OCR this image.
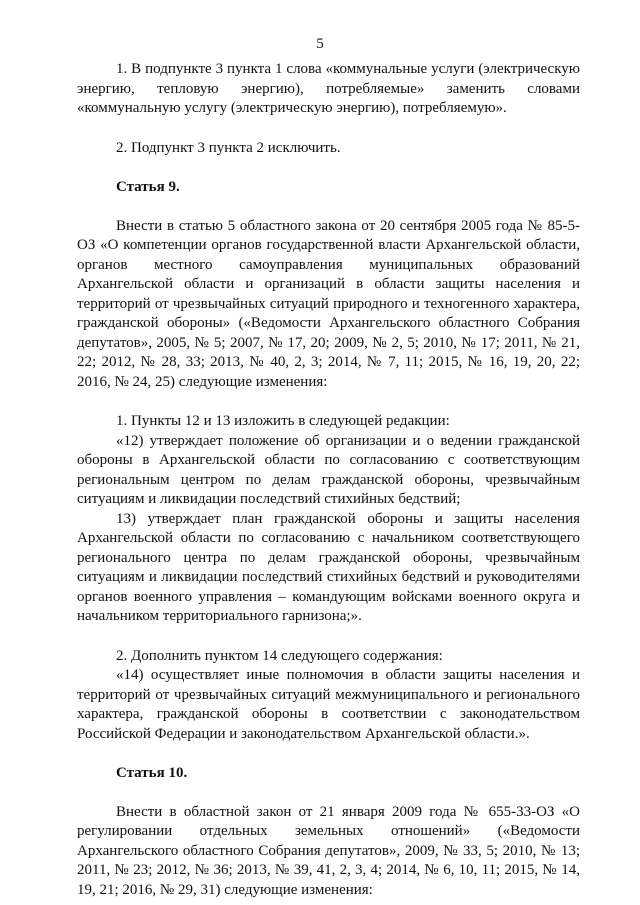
5

1. В подпункте 3 пункта 1 слова «коммунальные услуги (электрическую энергию, тепловую энергию), потребляемые» заменить словами «коммунальную услугу (электрическую энергию), потребляемую».

2. Подпункт 3 пункта 2 исключить.

Статья 9.

Внести в статью 5 областного закона от 20 сентября 2005 года № 85-5-ОЗ «О компетенции органов государственной власти Архангельской области, органов местного самоуправления муниципальных образований Архангельской области и организаций в области защиты населения и территорий от чрезвычайных ситуаций природного и техногенного характера, гражданской обороны» («Ведомости Архангельского областного Собрания депутатов», 2005, № 5; 2007, № 17, 20; 2009, № 2, 5; 2010, № 17; 2011, № 21, 22; 2012, № 28, 33; 2013, № 40, 2, 3; 2014, № 7, 11; 2015, № 16, 19, 20, 22; 2016, № 24, 25) следующие изменения:

1. Пункты 12 и 13 изложить в следующей редакции:

«12) утверждает положение об организации и о ведении гражданской обороны в Архангельской области по согласованию с соответствующим региональным центром по делам гражданской обороны, чрезвычайным ситуациям и ликвидации последствий стихийных бедствий;

13) утверждает план гражданской обороны и защиты населения Архангельской области по согласованию с начальником соответствующего регионального центра по делам гражданской обороны, чрезвычайным ситуациям и ликвидации последствий стихийных бедствий и руководителями органов военного управления – командующим войсками военного округа и начальником территориального гарнизона;».

2. Дополнить пунктом 14 следующего содержания:

«14) осуществляет иные полномочия в области защиты населения и территорий от чрезвычайных ситуаций межмуниципального и регионального характера, гражданской обороны в соответствии с законодательством Российской Федерации и законодательством Архангельской области.».

Статья 10.

Внести в областной закон от 21 января 2009 года № 655-33-ОЗ «О регулировании отдельных земельных отношений» («Ведомости Архангельского областного Собрания депутатов», 2009, № 33, 5; 2010, № 13; 2011, № 23; 2012, № 36; 2013, № 39, 41, 2, 3, 4; 2014, № 6, 10, 11; 2015, № 14, 19, 21; 2016, № 29, 31) следующие изменения:
